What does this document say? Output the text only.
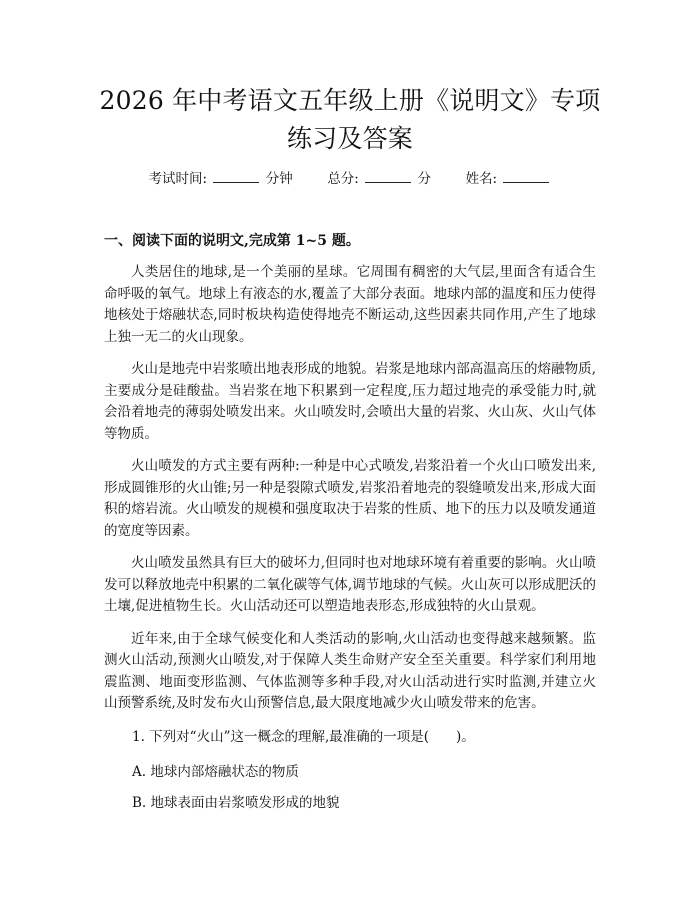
2026 年中考语文五年级上册《说明文》专项
练习及答案
考试时间:	分钟	总分:	分	姓名:
一、阅读下面的说明文,完成第 1~5 题。

人类居住的地球,是一个美丽的星球。它周围有稠密的大气层,里面含有适合生命呼吸的氧气。地球上有液态的水,覆盖了大部分表面。地球内部的温度和压力使得地核处于熔融状态,同时板块构造使得地壳不断运动,这些因素共同作用,产生了地球上独一无二的火山现象。

火山是地壳中岩浆喷出地表形成的地貌。岩浆是地球内部高温高压的熔融物质,主要成分是硅酸盐。当岩浆在地下积累到一定程度,压力超过地壳的承受能力时,就会沿着地壳的薄弱处喷发出来。火山喷发时,会喷出大量的岩浆、火山灰、火山气体等物质。

火山喷发的方式主要有两种:一种是中心式喷发,岩浆沿着一个火山口喷发出来,形成圆锥形的火山锥;另一种是裂隙式喷发,岩浆沿着地壳的裂缝喷发出来,形成大面积的熔岩流。火山喷发的规模和强度取决于岩浆的性质、地下的压力以及喷发通道的宽度等因素。

火山喷发虽然具有巨大的破坏力,但同时也对地球环境有着重要的影响。火山喷发可以释放地壳中积累的二氧化碳等气体,调节地球的气候。火山灰可以形成肥沃的土壤,促进植物生长。火山活动还可以塑造地表形态,形成独特的火山景观。

近年来,由于全球气候变化和人类活动的影响,火山活动也变得越来越频繁。监测火山活动,预测火山喷发,对于保障人类生命财产安全至关重要。科学家们利用地震监测、地面变形监测、气体监测等多种手段,对火山活动进行实时监测,并建立火山预警系统,及时发布火山预警信息,最大限度地减少火山喷发带来的危害。

1. 下列对“火山”这一概念的理解,最准确的一项是(　　)。
A. 地球内部熔融状态的物质
B. 地球表面由岩浆喷发形成的地貌
